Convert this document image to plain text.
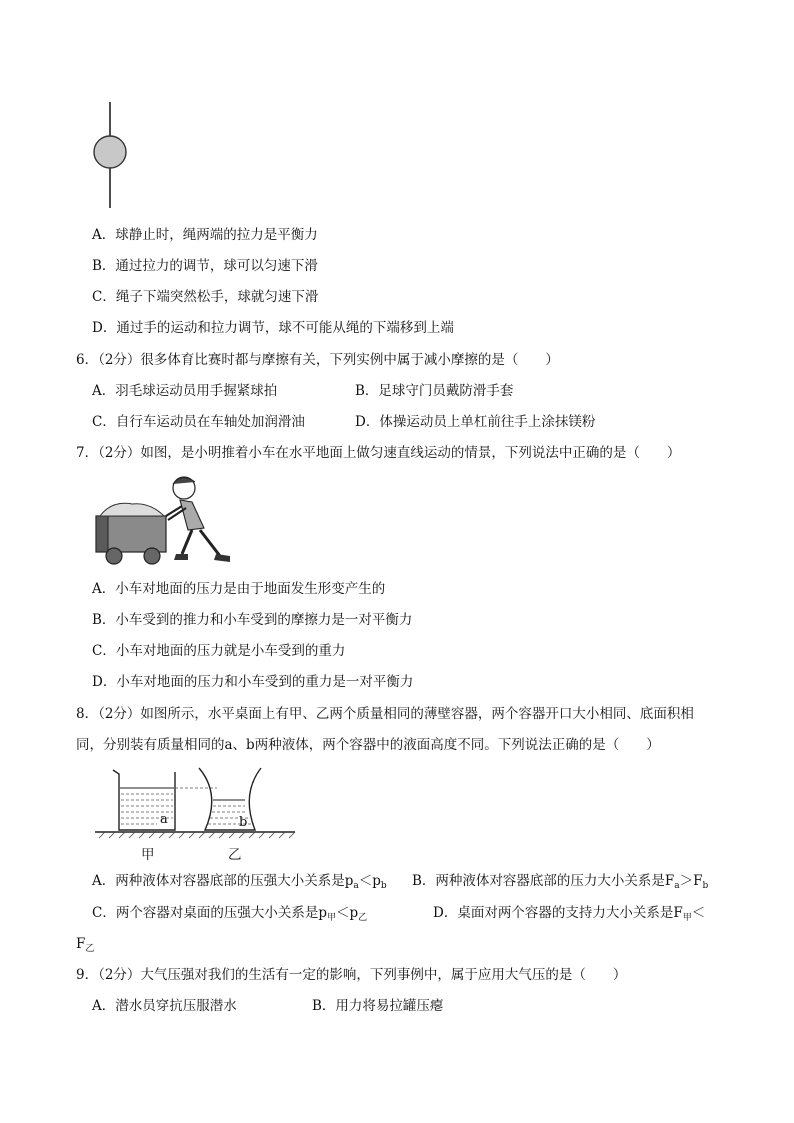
A．球静止时，绳两端的拉力是平衡力
B．通过拉力的调节，球可以匀速下滑
C．绳子下端突然松手，球就匀速下滑
D．通过手的运动和拉力调节，球不可能从绳的下端移到上端
6．（2分）很多体育比赛时都与摩擦有关，下列实例中属于减小摩擦的是（　　）
A．羽毛球运动员用手握紧球拍	B．足球守门员戴防滑手套
C．自行车运动员在车轴处加润滑油	D．体操运动员上单杠前往手上涂抹镁粉
7．（2分）如图，是小明推着小车在水平地面上做匀速直线运动的情景，下列说法中正确的是（　　）
A．小车对地面的压力是由于地面发生形变产生的
B．小车受到的推力和小车受到的摩擦力是一对平衡力
C．小车对地面的压力就是小车受到的重力
D．小车对地面的压力和小车受到的重力是一对平衡力
8．（2分）如图所示，水平桌面上有甲、乙两个质量相同的薄壁容器，两个容器开口大小相同、底面积相
同，分别装有质量相同的a、b两种液体，两个容器中的液面高度不同。下列说法正确的是（　　）
a	b
甲	乙
A．两种液体对容器底部的压强大小关系是$p_a<p_b$ B．两种液体对容器底部的压力大小关系是$F_a>F_b$
C．两个容器对桌面的压强大小关系是$p_甲<p_乙$	D．桌面对两个容器的支持力大小关系是$F_甲<$
$F_乙$
9．（2分）大气压强对我们的生活有一定的影响，下列事例中，属于应用大气压的是（　　）
A．潜水员穿抗压服潜水	B．用力将易拉罐压瘪
